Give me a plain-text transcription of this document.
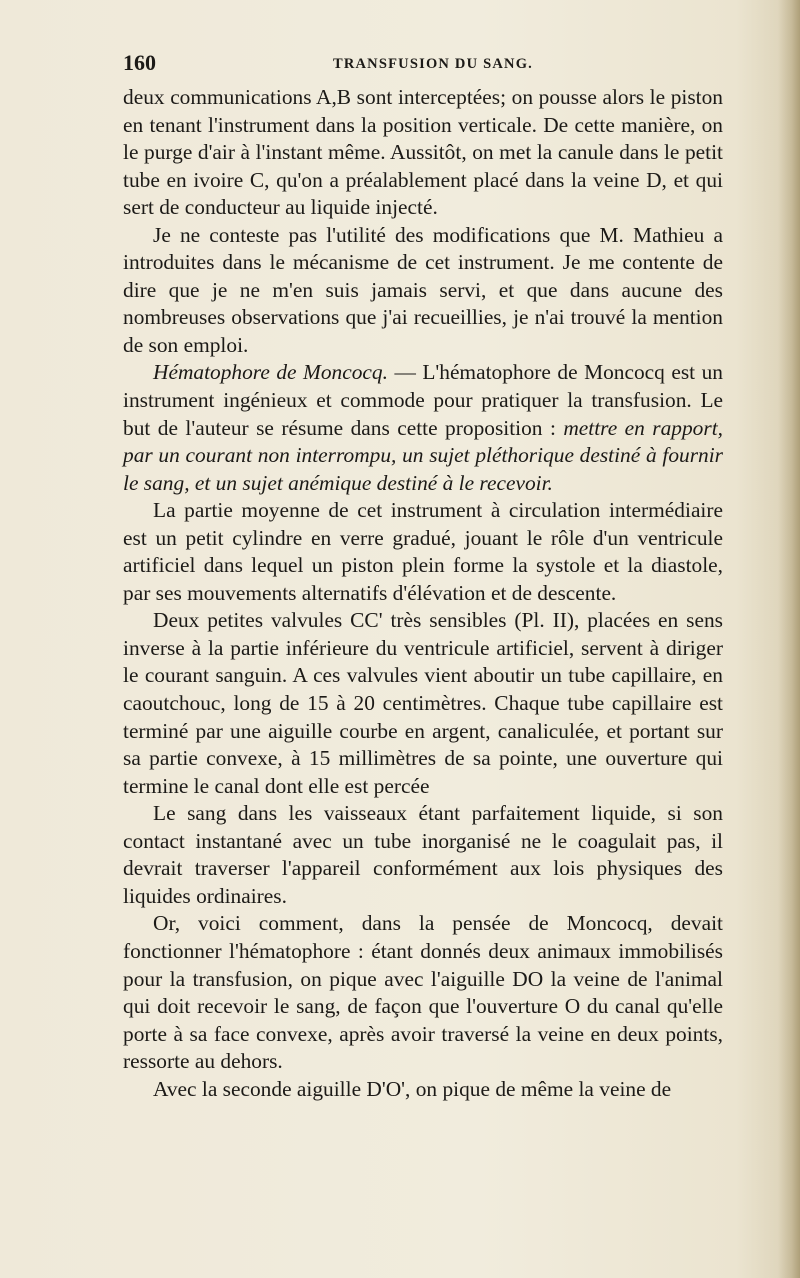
160	TRANSFUSION DU SANG.

deux communications A,B sont interceptées; on pousse alors le piston en tenant l'instrument dans la position verticale. De cette manière, on le purge d'air à l'instant même. Aussitôt, on met la canule dans le petit tube en ivoire C, qu'on a préalablement placé dans la veine D, et qui sert de conducteur au liquide injecté.

Je ne conteste pas l'utilité des modifications que M. Mathieu a introduites dans le mécanisme de cet instrument. Je me contente de dire que je ne m'en suis jamais servi, et que dans aucune des nombreuses observations que j'ai recueillies, je n'ai trouvé la mention de son emploi.

Hématophore de Moncocq. — L'hématophore de Moncocq est un instrument ingénieux et commode pour pratiquer la transfusion. Le but de l'auteur se résume dans cette proposition : mettre en rapport, par un courant non interrompu, un sujet pléthorique destiné à fournir le sang, et un sujet anémique destiné à le recevoir.

La partie moyenne de cet instrument à circulation intermédiaire est un petit cylindre en verre gradué, jouant le rôle d'un ventricule artificiel dans lequel un piston plein forme la systole et la diastole, par ses mouvements alternatifs d'élévation et de descente.

Deux petites valvules CC' très sensibles (Pl. II), placées en sens inverse à la partie inférieure du ventricule artificiel, servent à diriger le courant sanguin. A ces valvules vient aboutir un tube capillaire, en caoutchouc, long de 15 à 20 centimètres. Chaque tube capillaire est terminé par une aiguille courbe en argent, canaliculée, et portant sur sa partie convexe, à 15 millimètres de sa pointe, une ouverture qui termine le canal dont elle est percée

Le sang dans les vaisseaux étant parfaitement liquide, si son contact instantané avec un tube inorganisé ne le coagulait pas, il devrait traverser l'appareil conformément aux lois physiques des liquides ordinaires.

Or, voici comment, dans la pensée de Moncocq, devait fonctionner l'hématophore : étant donnés deux animaux immobilisés pour la transfusion, on pique avec l'aiguille DO la veine de l'animal qui doit recevoir le sang, de façon que l'ouverture O du canal qu'elle porte à sa face convexe, après avoir traversé la veine en deux points, ressorte au dehors.

Avec la seconde aiguille D'O', on pique de même la veine de
